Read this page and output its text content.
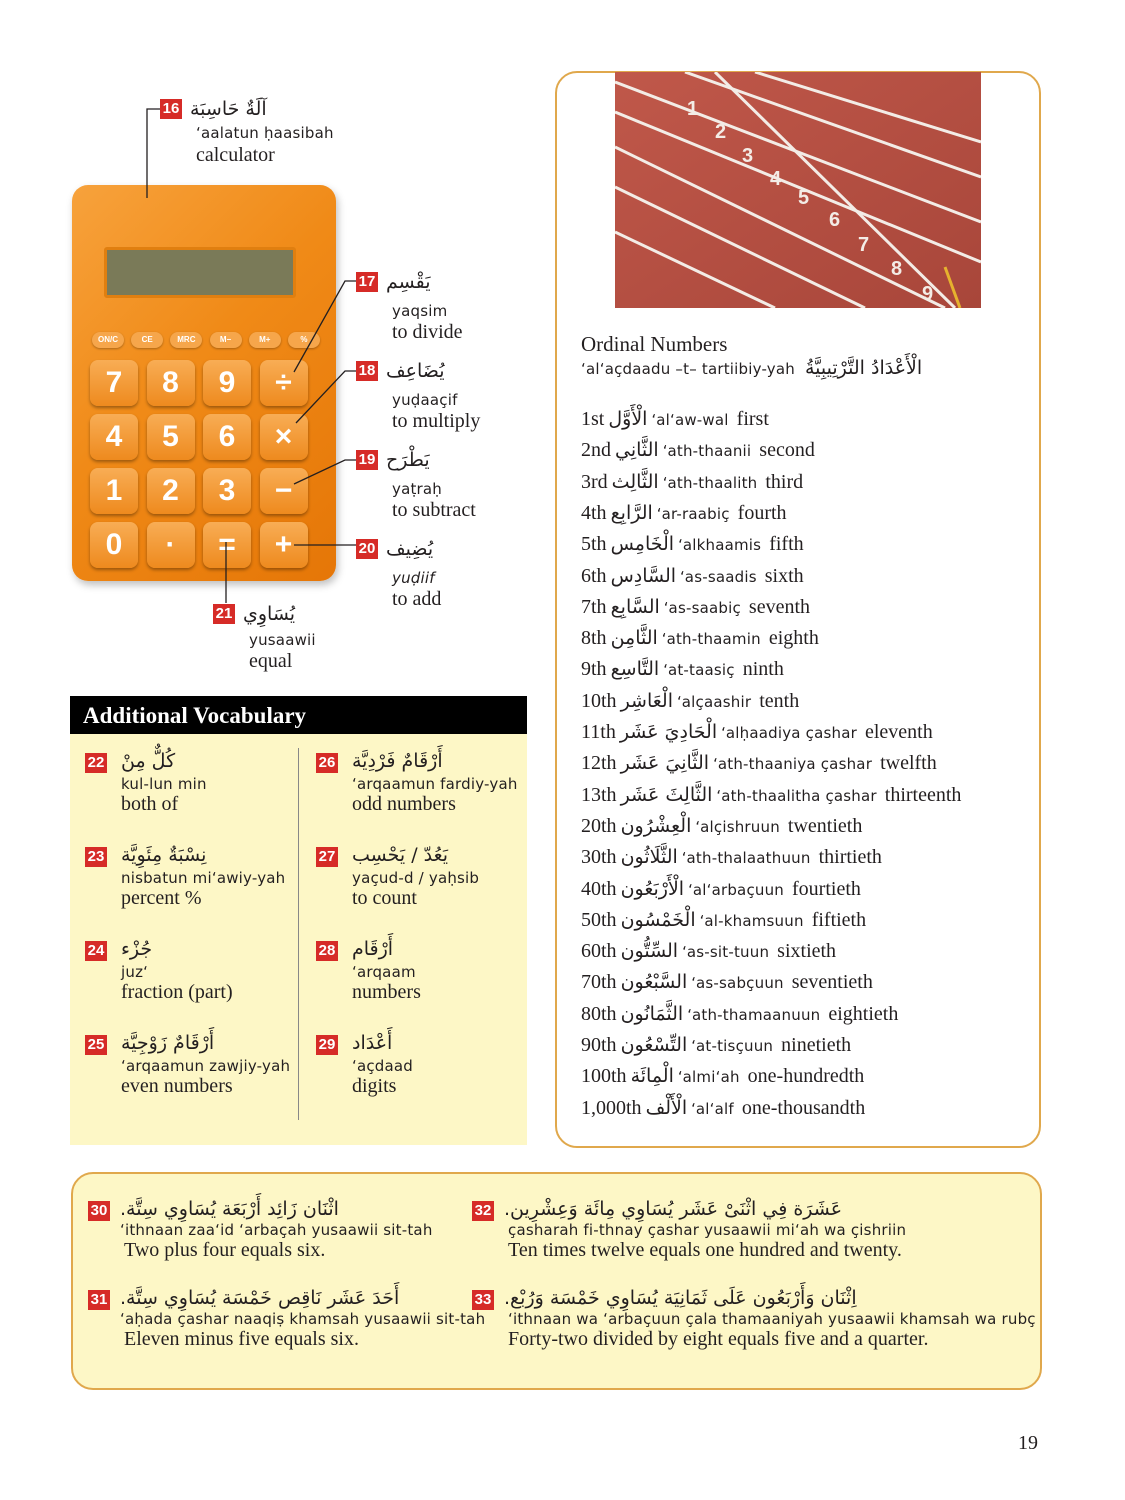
ON/C	CE	MRC	M−	M+	%
7	8	9	÷
4	5	6	×
1	2	3	−
0	·	=	+
16 آلَةٌ حَاسِبَة
‘aalatun ḥaasibah
calculator
17 يَقْسِم
yaqsim
to divide
18 يُضَاعِف
yuḍaaçif
to multiply
19 يَطْرَح
yaṭraḥ
to subtract
20 يُضِيف
yuḍiif
to add
21 يُسَاوِي
yusaawii
equal
Additional Vocabulary
22 كُلٌّ مِنْ
kul-lun min
both of
23 نِسْبَةٌ مِئَوِيَّة
nisbatun mi‘awiy-yah
percent %
24 جُزْء
juz‘
fraction (part)
25 أَرْقَامٌ زَوْجِيَّة
‘arqaamun zawjiy-yah
even numbers
26 أَرْقَامٌ فَرْدِيَّة
‘arqaamun fardiy-yah
odd numbers
27 يَعُدّ / يَحْسِب
yaçud-d / yaḥsib
to count
28 أَرْقَام
‘arqaam
numbers
29 أَعْدَاد
‘açdaad
digits
1
2
3
4
5
6
7
8
9
Ordinal Numbers
‘al‘açdaadu –t– tartiibiy-yah الْأَعْدَادُ التَّرْتِيبِيَّةُ
1st الْأَوَّل ‘al‘aw-wal first
2nd الثَّانِي ‘ath-thaanii second
3rd الثَّالِث ‘ath-thaalith third
4th الرَّابِع ‘ar-raabiç fourth
5th الْخَامِس ‘alkhaamis fifth
6th السَّادِس ‘as-saadis sixth
7th السَّابِع ‘as-saabiç seventh
8th الثَّامِن ‘ath-thaamin eighth
9th التَّاسِع ‘at-taasiç ninth
10th الْعَاشِر ‘alçaashir tenth
11th الْحَادِيَ عَشَر ‘alḥaadiya çashar eleventh
12th الثَّانِيَ عَشَر ‘ath-thaaniya çashar twelfth
13th الثَّالِثَ عَشَر ‘ath-thaalitha çashar thirteenth
20th الْعِشْرُون ‘alçishruun twentieth
30th الثَّلَاثُون ‘ath-thalaathuun thirtieth
40th الْأَرْبَعُون ‘al‘arbaçuun fourtieth
50th الْخَمْسُون ‘al-khamsuun fiftieth
60th السِّتُّون ‘as-sit-tuun sixtieth
70th السَّبْعُون ‘as-sabçuun seventieth
80th الثَّمَانُون ‘ath-thamaanuun eightieth
90th التِّسْعُون ‘at-tisçuun ninetieth
100th الْمِائَة ‘almi‘ah one-hundredth
1,000th الْأَلْف ‘al‘alf one-thousandth
30 اثْنَان زَائِد أَرْبَعَة يُسَاوِي سِتَّة.
‘ithnaan zaa‘id ‘arbaçah yusaawii sit-tah
Two plus four equals six.
31 أَحَدَ عَشَر نَاقِص خَمْسَة يُسَاوِي سِتَّة.
‘aḥada çashar naaqiṣ khamsah yusaawii sit-tah
Eleven minus five equals six.
32 عَشَرَة فِي اثْنَىْ عَشَر يُسَاوِي مِائَة وَعِشْرِين.
çasharah fi-thnay çashar yusaawii mi‘ah wa çishriin
Ten times twelve equals one hundred and twenty.
33 اِثْنَان وَأَرْبَعُون عَلَى ثَمَانِيَة يُسَاوِي خَمْسَة وَرُبْع.
‘ithnaan wa ‘arbaçuun çala thamaaniyah yusaawii khamsah wa rubç
Forty-two divided by eight equals five and a quarter.
19
